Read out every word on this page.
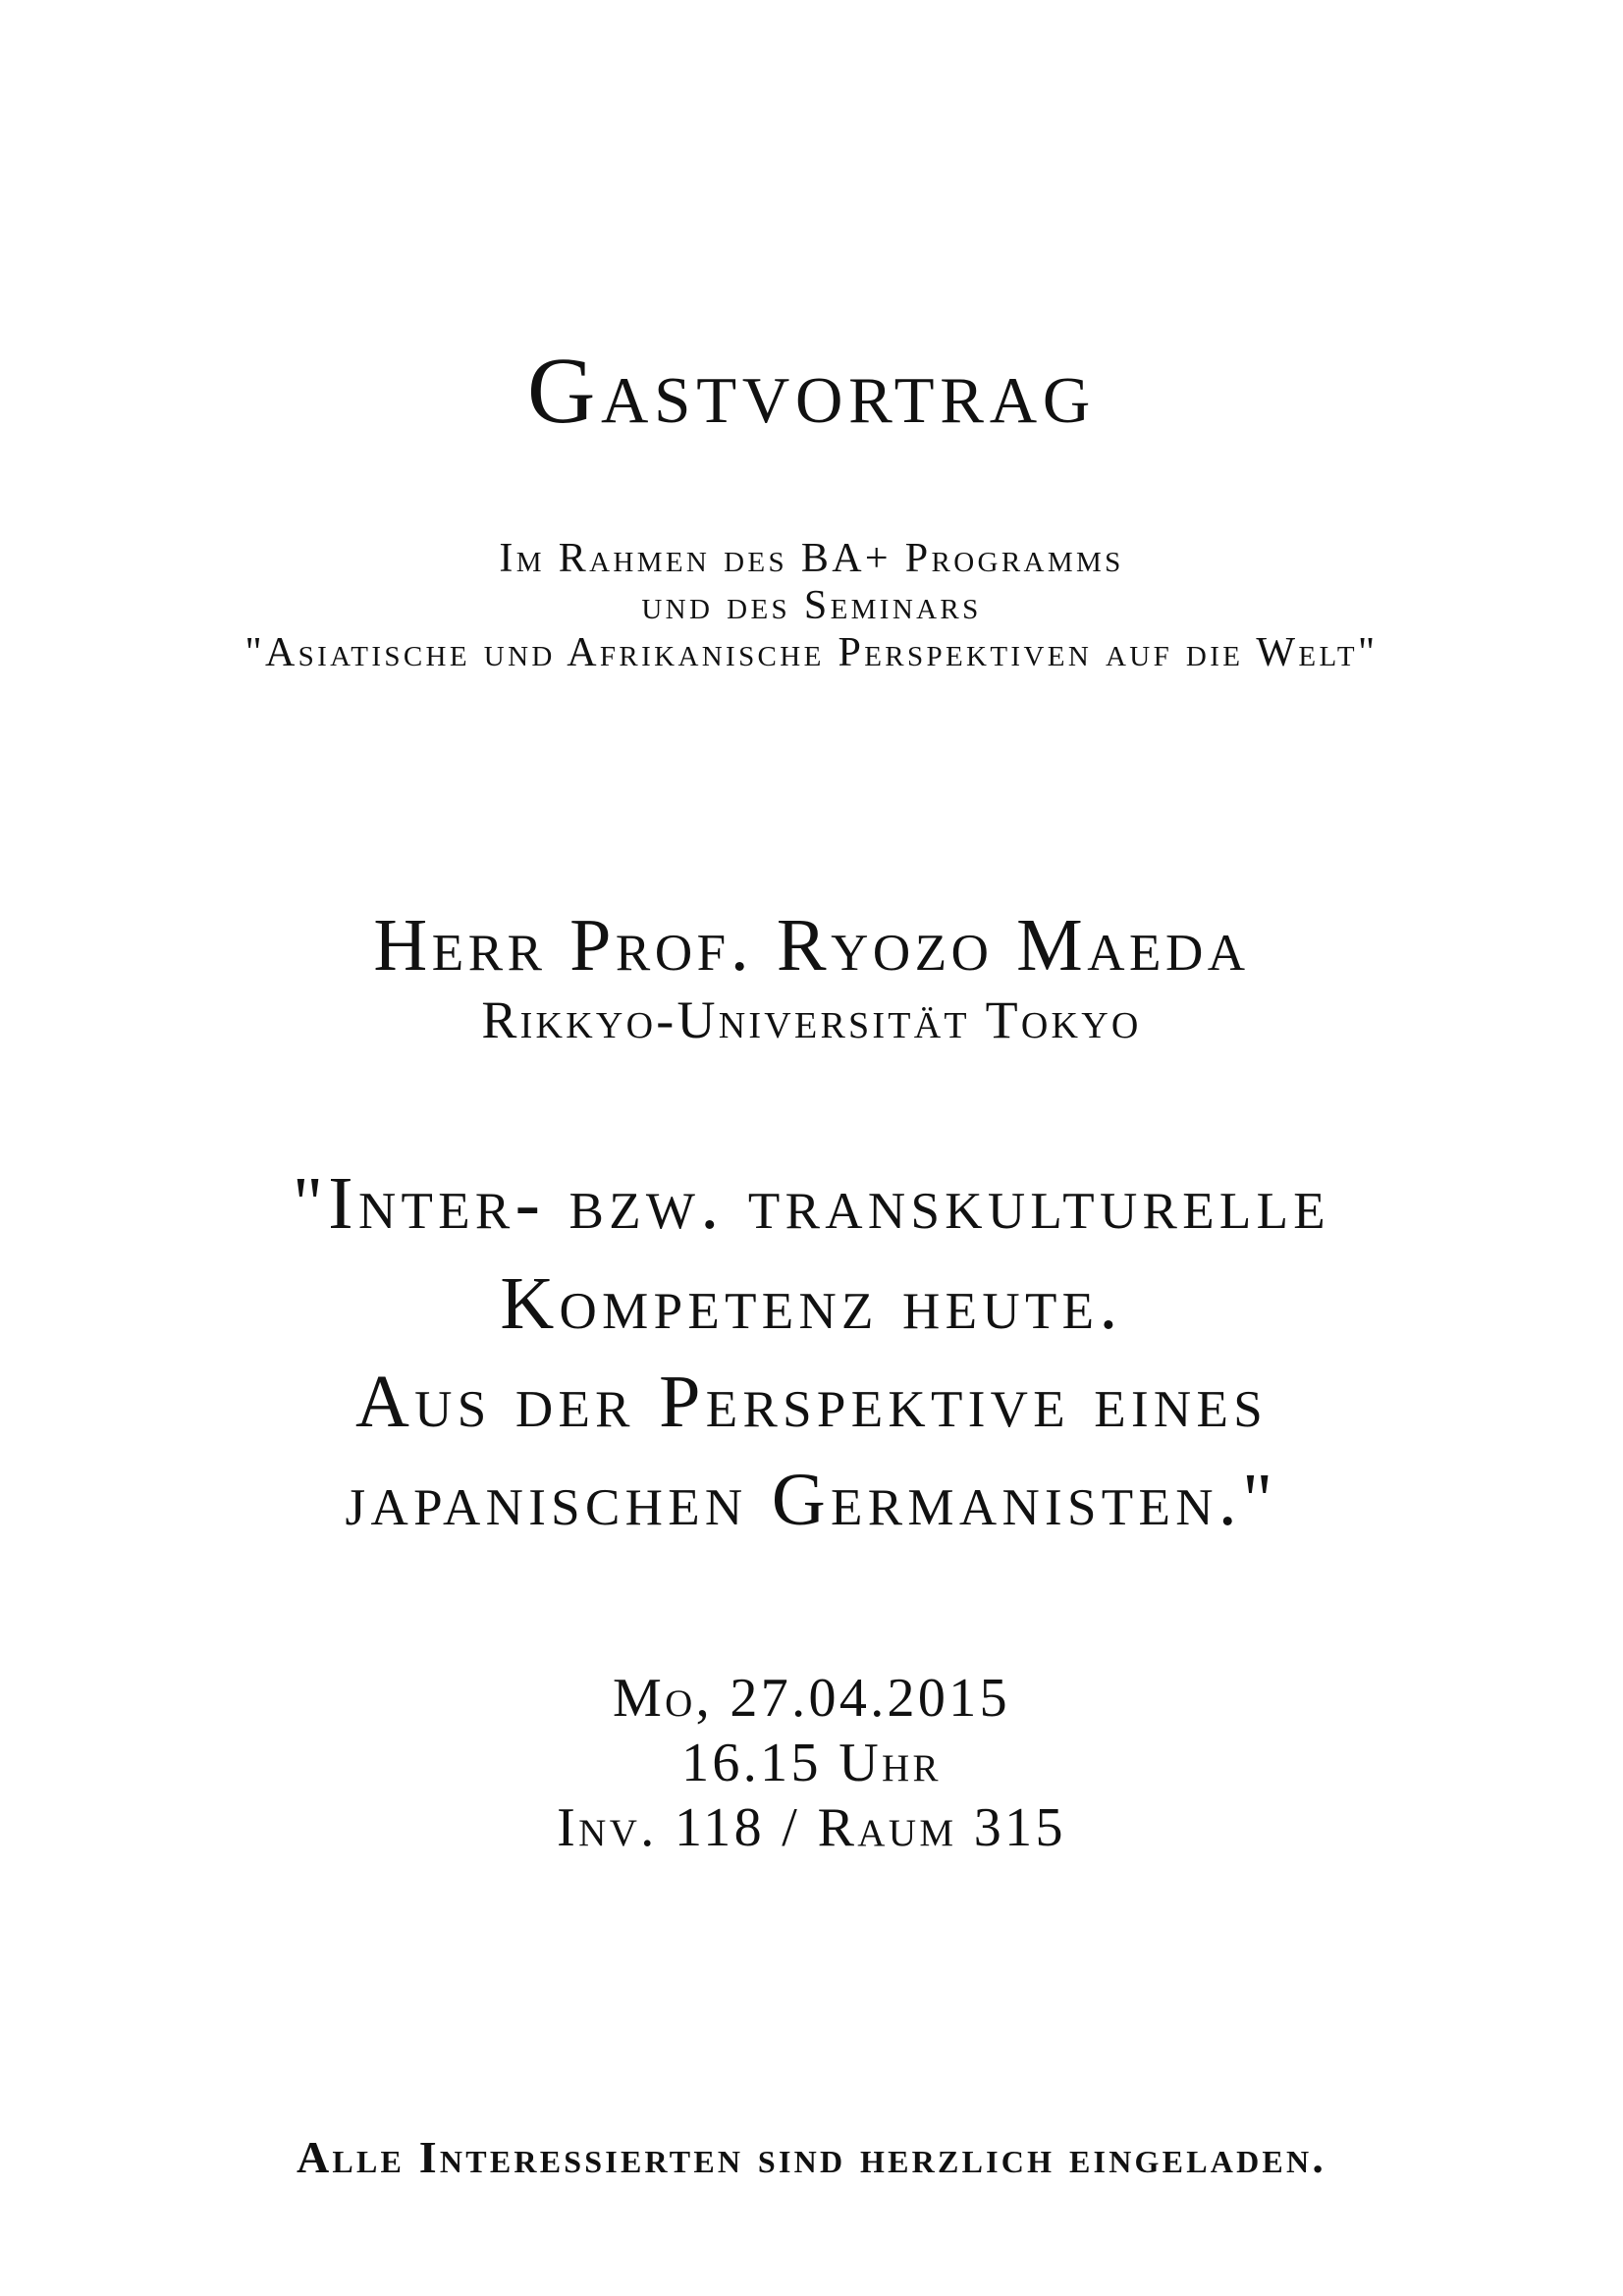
Gastvortrag
Im Rahmen des BA+ Programms
und des Seminars
"Asiatische und Afrikanische Perspektiven auf die Welt"
Herr Prof. Ryozo Maeda
Rikkyo-Universität Tokyo
"Inter- bzw. transkulturelle
Kompetenz heute.
Aus der Perspektive eines
japanischen Germanisten."
Mo, 27.04.2015
16.15 Uhr
Inv. 118 / Raum 315
Alle Interessierten sind herzlich eingeladen.
